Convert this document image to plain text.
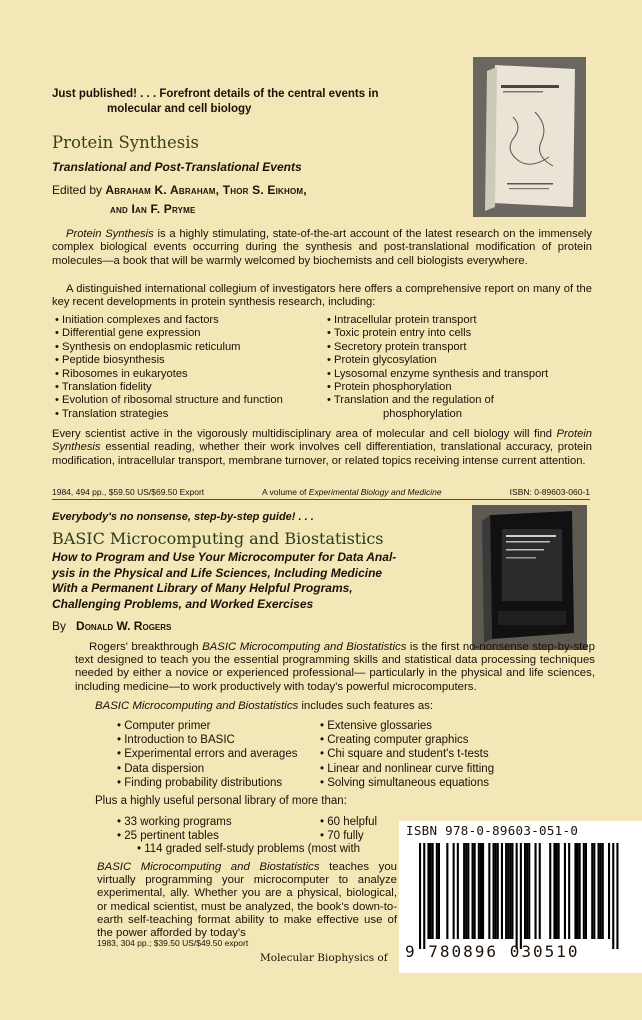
Just published! . . . Forefront details of the central events in
molecular and cell biology
Protein Synthesis
Translational and Post-Translational Events
Edited by Abraham K. Abraham, Thor S. Eikhom,
and Ian F. Pryme
Protein Synthesis is a highly stimulating, state-of-the-art account of the latest research on the immensely complex biological events occurring during the synthesis and post-translational modification of protein molecules—a book that will be warmly welcomed by biochemists and cell biologists everywhere.
A distinguished international collegium of investigators here offers a comprehensive report on many of the key recent developments in protein synthesis research, including:
• Initiation complexes and factors
• Differential gene expression
• Synthesis on endoplasmic reticulum
• Peptide biosynthesis
• Ribosomes in eukaryotes
• Translation fidelity
• Evolution of ribosomal structure and function
• Translation strategies
• Intracellular protein transport
• Toxic protein entry into cells
• Secretory protein transport
• Protein glycosylation
• Lysosomal enzyme synthesis and transport
• Protein phosphorylation
• Translation and the regulation of
phosphorylation
Every scientist active in the vigorously multidisciplinary area of molecular and cell biology will find Protein Synthesis essential reading, whether their work involves cell differentiation, translational accuracy, protein modification, intracellular transport, membrane turnover, or related topics receiving intense current attention.
1984, 494 pp., $59.50 US/$69.50 Export	A volume of Experimental Biology and Medicine	ISBN: 0-89603-060-1
Everybody's no nonsense, step-by-step guide! . . .
BASIC Microcomputing and Biostatistics
How to Program and Use Your Microcomputer for Data Anal-
ysis in the Physical and Life Sciences, Including Medicine
With a Permanent Library of Many Helpful Programs,
Challenging Problems, and Worked Exercises
By Donald W. Rogers
Rogers' breakthrough BASIC Microcomputing and Biostatistics is the first no-nonsense step-by-step text designed to teach you the essential programming skills and statistical data processing techniques needed by either a novice or experienced professional— particularly in the physical and life sciences, including medicine—to work productively with today's powerful microcomputers.
BASIC Microcomputing and Biostatistics includes such features as:
• Computer primer
• Introduction to BASIC
• Experimental errors and averages
• Data dispersion
• Finding probability distributions
• Extensive glossaries
• Creating computer graphics
• Chi square and student's t-tests
• Linear and nonlinear curve fitting
• Solving simultaneous equations
Plus a highly useful personal library of more than:
• 33 working programs
• 25 pertinent tables
• 60 helpful
• 70 fully
• 114 graded self-study problems (most with
BASIC Microcomputing and Biostatistics teaches you virtually programming your microcomputer to analyze experimental, ally. Whether you are a physical, biological, or medical scientist, must be analyzed, the book's down-to-earth self-teaching format ability to make effective use of the power afforded by today's
1983, 304 pp.; $39.50 US/$49.50 export
Molecular Biophysics of
ISBN 978-0-89603-051-0
9 780896 030510
